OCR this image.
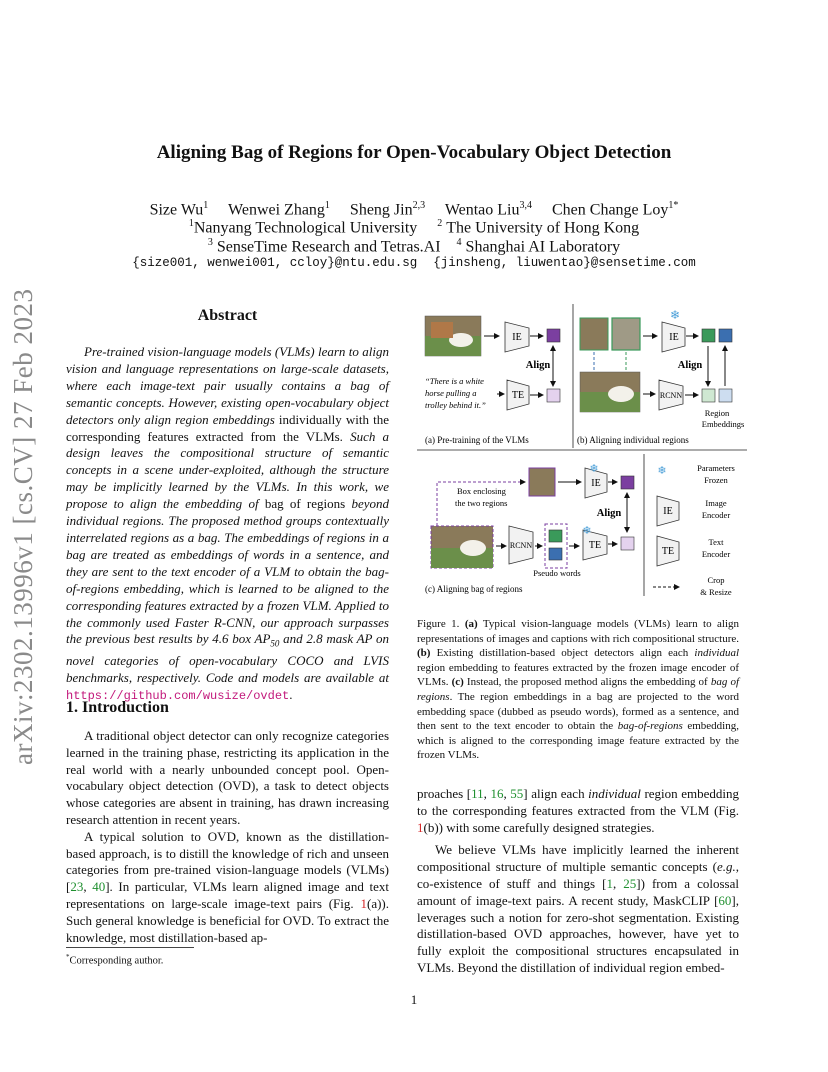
arXiv:2302.13996v1 [cs.CV] 27 Feb 2023
Aligning Bag of Regions for Open-Vocabulary Object Detection
Size Wu$^1$ Wenwei Zhang$^1$ Sheng Jin$^{2,3}$ Wentao Liu$^{3,4}$ Chen Change Loy$^{1*}$
$^1$Nanyang Technological University $^2$ The University of Hong Kong
$^3$ SenseTime Research and Tetras.AI $^4$ Shanghai AI Laboratory
{size001, wenwei001, ccloy}@ntu.edu.sg {jinsheng, liuwentao}@sensetime.com
Abstract
Pre-trained vision-language models (VLMs) learn to align vision and language representations on large-scale datasets, where each image-text pair usually contains a bag of semantic concepts. However, existing open-vocabulary object detectors only align region embeddings individually with the corresponding features extracted from the VLMs. Such a design leaves the compositional structure of semantic concepts in a scene under-exploited, although the structure may be implicitly learned by the VLMs. In this work, we propose to align the embedding of bag of regions beyond individual regions. The proposed method groups contextually interrelated regions as a bag. The embeddings of regions in a bag are treated as embeddings of words in a sentence, and they are sent to the text encoder of a VLM to obtain the bag-of-regions embedding, which is learned to be aligned to the corresponding features extracted by a frozen VLM. Applied to the commonly used Faster R-CNN, our approach surpasses the previous best results by 4.6 box $AP_{50}$ and 2.8 mask AP on novel categories of open-vocabulary COCO and LVIS benchmarks, respectively. Code and models are available at https://github.com/wusize/ovdet.
1. Introduction

A traditional object detector can only recognize categories learned in the training phase, restricting its application in the real world with a nearly unbounded concept pool. Open-vocabulary object detection (OVD), a task to detect objects whose categories are absent in training, has drawn increasing research attention in recent years.

A typical solution to OVD, known as the distillation-based approach, is to distill the knowledge of rich and unseen categories from pre-trained vision-language models (VLMs) [23, 40]. In particular, VLMs learn aligned image and text representations on large-scale image-text pairs (Fig. 1(a)). Such general knowledge is beneficial for OVD. To extract the knowledge, most distillation-based ap-

*Corresponding author.
IE
Align
“There is a white
horse pulling a
trolley behind it.”
TE
(a) Pre-training of the VLMs
❄
IE
Align
RCNN
Region
Embeddings
(b) Aligning individual regions
❄
IE
Align
Box enclosing
the two regions
RCNN
❄
TE
Pseudo words
(c) Aligning bag of regions
❄	Parameters
Frozen
IE
Image
Encoder
TE
Text
Encoder
Crop
& Resize
Figure 1. (a) Typical vision-language models (VLMs) learn to align representations of images and captions with rich compositional structure. (b) Existing distillation-based object detectors align each individual region embedding to features extracted by the frozen image encoder of VLMs. (c) Instead, the proposed method aligns the embedding of bag of regions. The region embeddings in a bag are projected to the word embedding space (dubbed as pseudo words), formed as a sentence, and then sent to the text encoder to obtain the bag-of-regions embedding, which is aligned to the corresponding image feature extracted by the frozen VLMs.

proaches [11, 16, 55] align each individual region embedding to the corresponding features extracted from the VLM (Fig. 1(b)) with some carefully designed strategies.

We believe VLMs have implicitly learned the inherent compositional structure of multiple semantic concepts (e.g., co-existence of stuff and things [1, 25]) from a colossal amount of image-text pairs. A recent study, MaskCLIP [60], leverages such a notion for zero-shot segmentation. Existing distillation-based OVD approaches, however, have yet to fully exploit the compositional structures encapsulated in VLMs. Beyond the distillation of individual region embed-

1
